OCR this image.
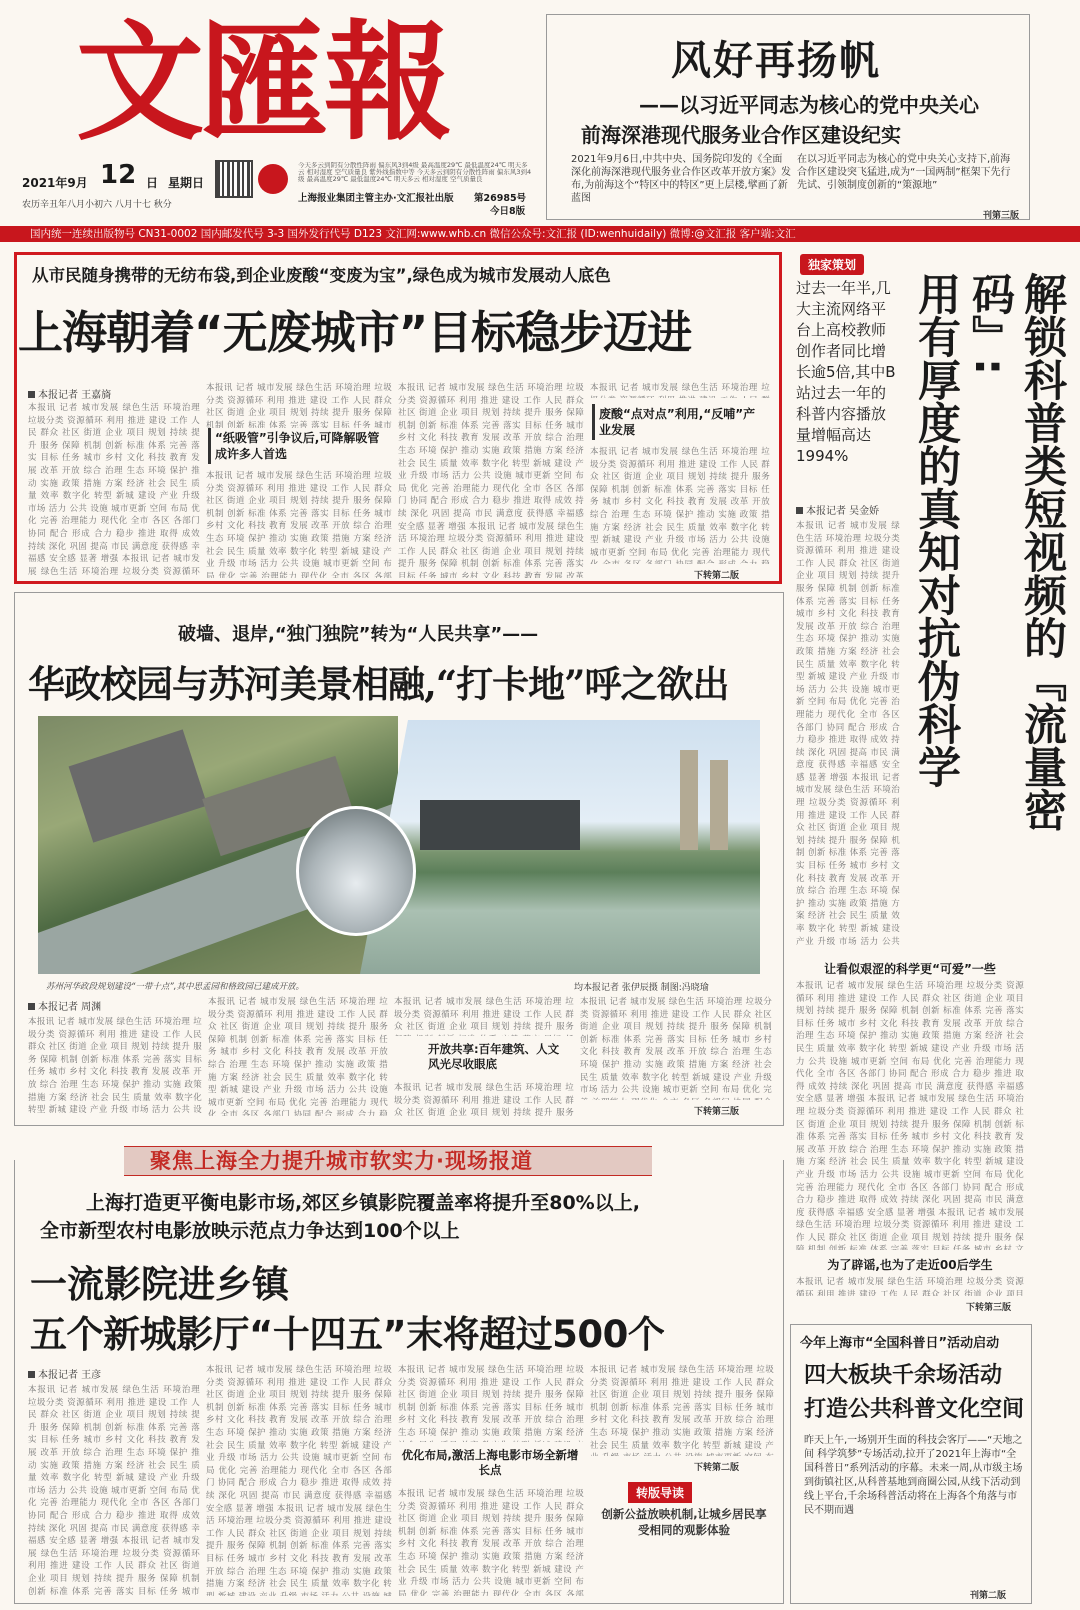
文匯報
2021年9月 12 日 星期日
农历辛丑年八月小初六 八月十七 秋分
今天多云到阴有分散性阵雨 偏东风3到4级 最高温度29℃ 最低温度24℃ 明天多云 相对湿度 空气质量良 紫外线指数中等 今天多云到阴有分散性阵雨 偏东风3到4级 最高温度29℃ 最低温度24℃ 明天多云 相对湿度 空气质量良
上海报业集团主管主办·文汇报社出版 第26985号
今日8版
风好再扬帆
——以习近平同志为核心的党中央关心
前海深港现代服务业合作区建设纪实
2021年9月6日,中共中央、国务院印发的《全面深化前海深港现代服务业合作区改革开放方案》发布,为前海这个“特区中的特区”更上层楼,擘画了新蓝图
在以习近平同志为核心的党中央关心支持下,前海合作区建设突飞猛进,成为“一国两制”框架下先行先试、引领制度创新的“策源地”
刊第三版
国内统一连续出版物号 CN31-0002 国内邮发代号 3-3 国外发行代号 D123 文汇网:www.whb.cn 微信公众号:文汇报 (ID:wenhuidaily) 微博:@文汇报 客户端:文汇
从市民随身携带的无纺布袋,到企业废酸“变废为宝”,绿色成为城市发展动人底色
上海朝着“无废城市”目标稳步迈进
本报记者 王嘉旖
本报讯 记者 城市发展 绿色生活 环境治理 垃圾分类 资源循环 利用 推进 建设 工作 人民 群众 社区 街道 企业 项目 规划 持续 提升 服务 保障 机制 创新 标准 体系 完善 落实 目标 任务 城市 乡村 文化 科技 教育 发展 改革 开放 综合 治理 生态 环境 保护 推动 实施 政策 措施 方案 经济 社会 民生 质量 效率 数字化 转型 新城 建设 产业 升级 市场 活力 公共 设施 城市更新 空间 布局 优化 完善 治理能力 现代化 全市 各区 各部门 协同 配合 形成 合力 稳步 推进 取得 成效 持续 深化 巩固 提高 市民 满意度 获得感 幸福感 安全感 显著 增强 本报讯 记者 城市发展 绿色生活 环境治理 垃圾分类 资源循环 利用 推进 建设 工作 人民 群众 社区 街道 企业 项目 规划 持续 提升 服务 保障 机制 创新 标准 体系 完善 落实 目标 任务 城市 乡村 文化 科技 教育 发展 改革 开放 综合 治理 生态 环境 保护 推动 实施 政策 措施 方案 经济 社会 民生 质量 效率 数字化 转型 新城 建设 产业 升级 市场 活力 公共 设施 城市更新 空间 布局 优化 完善 治理能力 现代化 全市 各区 各部门 协同 配合 形成 合力 稳步 推进 取得 成效 持续 深化 巩固 提高 市民 满意度 获得感 幸福感 安全感 显著 增强 本报讯 记者 城市发展 绿色生活 环境治理 垃圾分类 资源循环 利用 推进 建设 工作 人民 群众 社区 街道 企业 项目 规划 持续 提升 服务 保障 机制 创新 标准 体系 完善 落实 目标 任务 城市 乡村 文化 科技 教育 发展 改革 开放 综合 治理 生态 环境 保护 推动 实施 政策 措施 方案 经济 社会 民生 质量 效率
本报讯 记者 城市发展 绿色生活 环境治理 垃圾分类 资源循环 利用 推进 建设 工作 人民 群众 社区 街道 企业 项目 规划 持续 提升 服务 保障 机制 创新 标准 体系 完善 落实 目标 任务 城市 乡村 文化 科技 教育 发展 改革 开放 综合 治理 生态 环境 保护 推动 实施 政策 措施 方案 经济 社会 民生 质量 效率 数字化 转型 新城 建设 产业 升级 市场 活力 公共 设施 城市更新 空间 布局 优化 完善 治理能力 现代化 全市 各区 各部门 协同 配合 形成 合力 稳步 推进 取得 成效 持续 深化 巩固 提高 市民 满意度 获得感 幸福感 安全感 显著 增强 本报讯 记者 城市发展 绿色生活 环境治理 垃圾分类 资源循环 利用 推进 建设 工作 人民 群众 社区 街道 企业 项目 规划 持续 提升 服务 保障 机制 创新 标准 体系 完善 落实 目标 任务 城市 乡村 文化 科技 教育 发展 改革 开放 综合 治理 生态 环境 保护 推动 实施 政策 措施 方案 经济 社会 民生 质量 效率 数字化 转型 新城 建设 产业 升级 市场 活力 公共 设施 城市更新 空间 布局 优化 完善 治理能力 现代化 全市 各区 各部门 协同 配合 形成 合力 稳步 推进 取得 成效 持续 深化 巩固 提高 市民 满意度 获得感 幸福感 安全感 显著 增强 本报讯 记者 城市发展 绿色生活 环境治理 垃圾分类 资源循环 利用 推进 建设 工作 人民 群众 社区 街道 企业 项目 规划 持续 提升 服务 保障 机制 创新 标准 体系 完善 落实 目标 任务 城市 乡村 文化 科技 教育 发展 改革 开放 综合 治理 生态 环境 保护 推动 实施 政策 措施 方案 经济 社会 民生 质量 效率
“纸吸管”引争议后,可降解吸管成许多人首选
本报讯 记者 城市发展 绿色生活 环境治理 垃圾分类 资源循环 利用 推进 建设 工作 人民 群众 社区 街道 企业 项目 规划 持续 提升 服务 保障 机制 创新 标准 体系 完善 落实 目标 任务 城市 乡村 文化 科技 教育 发展 改革 开放 综合 治理 生态 环境 保护 推动 实施 政策 措施 方案 经济 社会 民生 质量 效率 数字化 转型 新城 建设 产业 升级 市场 活力 公共 设施 城市更新 空间 布局 优化 完善 治理能力 现代化 全市 各区 各部门 协同 配合 形成 合力 稳步 推进 取得 成效 持续 深化 巩固 提高 市民 满意度 获得感 幸福感 安全感 显著 增强 本报讯 记者 城市发展 绿色生活 环境治理 垃圾分类 资源循环 利用 推进 建设 工作 人民 群众 社区 街道 企业 项目 规划 持续 提升 服务 保障 机制 创新 标准 体系 完善 落实 目标 任务 城市 乡村 文化 科技 教育 发展 改革 开放 综合 治理 生态 环境 保护 推动 实施 政策 措施 方案 经济 社会 民生 质量 效率 数字化 转型 新城 建设 产业 升级 市场 活力 公共 设施 城市更新 空间 布局 优化 完善 治理能力 现代化 全市 各区 各部门 协同 配合 形成 合力 稳步 推进 取得 成效 持续 深化 巩固 提高 市民 满意度 获得感 幸福感 安全感 显著 增强 本报讯 记者 城市发展 绿色生活 环境治理 垃圾分类 资源循环 利用 推进 建设 工作 人民 群众 社区 街道 企业 项目 规划 持续 提升 服务 保障 机制 创新 标准 体系 完善 落实 目标 任务 城市 乡村 文化 科技 教育 发展 改革 开放 综合 治理 生态 环境 保护 推动 实施 政策 措施 方案 经济 社会 民生 质量 效率
本报讯 记者 城市发展 绿色生活 环境治理 垃圾分类 资源循环 利用 推进 建设 工作 人民 群众 社区 街道 企业 项目 规划 持续 提升 服务 保障 机制 创新 标准 体系 完善 落实 目标 任务 城市 乡村 文化 科技 教育 发展 改革 开放 综合 治理 生态 环境 保护 推动 实施 政策 措施 方案 经济 社会 民生 质量 效率 数字化 转型 新城 建设 产业 升级 市场 活力 公共 设施 城市更新 空间 布局 优化 完善 治理能力 现代化 全市 各区 各部门 协同 配合 形成 合力 稳步 推进 取得 成效 持续 深化 巩固 提高 市民 满意度 获得感 幸福感 安全感 显著 增强 本报讯 记者 城市发展 绿色生活 环境治理 垃圾分类 资源循环 利用 推进 建设 工作 人民 群众 社区 街道 企业 项目 规划 持续 提升 服务 保障 机制 创新 标准 体系 完善 落实 目标 任务 城市 乡村 文化 科技 教育 发展 改革 开放 综合 治理 生态 环境 保护 推动 实施 政策 措施 方案 经济 社会 民生 质量 效率 数字化 转型 新城 建设 产业 升级 市场 活力 公共 设施 城市更新 空间 布局 优化 完善 治理能力 现代化 全市 各区 各部门 协同 配合 形成 合力 稳步 推进 取得 成效 持续 深化 巩固 提高 市民 满意度 获得感 幸福感 安全感 显著 增强 本报讯 记者 城市发展 绿色生活 环境治理 垃圾分类 资源循环 利用 推进 建设 工作 人民 群众 社区 街道 企业 项目 规划 持续 提升 服务 保障 机制 创新 标准 体系 完善 落实 目标 任务 城市 乡村 文化 科技 教育 发展 改革 开放 综合 治理 生态 环境 保护 推动 实施 政策 措施 方案 经济 社会 民生 质量 效率
本报讯 记者 城市发展 绿色生活 环境治理 垃圾分类 资源循环 利用 推进 建设 工作 人民 群众 社区 街道 企业 项目 规划 持续 提升 服务 保障 机制 创新 标准 体系 完善 落实 目标 任务 城市 乡村 文化 科技 教育 发展 改革 开放 综合 治理 生态 环境 保护 推动 实施 政策 措施 方案 经济 社会 民生 质量 效率 数字化 转型 新城 建设 产业 升级 市场 活力 公共 设施 城市更新 空间 布局 优化 完善 治理能力 现代化 全市 各区 各部门 协同 配合 形成 合力 稳步 推进 取得 成效 持续 深化 巩固 提高 市民 满意度 获得感 幸福感 安全感 显著 增强 本报讯 记者 城市发展 绿色生活 环境治理 垃圾分类 资源循环 利用 推进 建设 工作 人民 群众 社区 街道 企业 项目 规划 持续 提升 服务 保障 机制 创新 标准 体系 完善 落实 目标 任务 城市 乡村 文化 科技 教育 发展 改革 开放 综合 治理 生态 环境 保护 推动 实施 政策 措施 方案 经济 社会 民生 质量 效率 数字化 转型 新城 建设 产业 升级 市场 活力 公共 设施 城市更新 空间 布局 优化 完善 治理能力 现代化 全市 各区 各部门 协同 配合 形成 合力 稳步 推进 取得 成效 持续 深化 巩固 提高 市民 满意度 获得感 幸福感 安全感 显著 增强 本报讯 记者 城市发展 绿色生活 环境治理 垃圾分类 资源循环 利用 推进 建设 工作 人民 群众 社区 街道 企业 项目 规划 持续 提升 服务 保障 机制 创新 标准 体系 完善 落实 目标 任务 城市 乡村 文化 科技 教育 发展 改革 开放 综合 治理 生态 环境 保护 推动 实施 政策 措施 方案 经济 社会 民生 质量 效率
废酸“点对点”利用,“反哺”产业发展
本报讯 记者 城市发展 绿色生活 环境治理 垃圾分类 资源循环 利用 推进 建设 工作 人民 群众 社区 街道 企业 项目 规划 持续 提升 服务 保障 机制 创新 标准 体系 完善 落实 目标 任务 城市 乡村 文化 科技 教育 发展 改革 开放 综合 治理 生态 环境 保护 推动 实施 政策 措施 方案 经济 社会 民生 质量 效率 数字化 转型 新城 建设 产业 升级 市场 活力 公共 设施 城市更新 空间 布局 优化 完善 治理能力 现代化 全市 各区 各部门 协同 配合 形成 合力 稳步 推进 取得 成效 持续 深化 巩固 提高 市民 满意度 获得感 幸福感 安全感 显著 增强 本报讯 记者 城市发展 绿色生活 环境治理 垃圾分类 资源循环 利用 推进 建设 工作 人民 群众 社区 街道 企业 项目 规划 持续 提升 服务 保障 机制 创新 标准 体系 完善 落实 目标 任务 城市 乡村 文化 科技 教育 发展 改革 开放 综合 治理 生态 环境 保护 推动 实施 政策 措施 方案 经济 社会 民生 质量 效率 数字化 转型 新城 建设 产业 升级 市场 活力 公共 设施 城市更新 空间 布局 优化 完善 治理能力 现代化 全市 各区 各部门 协同 配合 形成 合力 稳步 推进 取得 成效 持续 深化 巩固 提高 市民 满意度 获得感 幸福感 安全感 显著 增强 本报讯 记者 城市发展 绿色生活 环境治理 垃圾分类 资源循环 利用 推进 建设 工作 人民 群众 社区 街道 企业 项目 规划 持续 提升 服务 保障 机制 创新 标准 体系 完善 落实 目标 任务 城市 乡村 文化 科技 教育 发展 改革 开放 综合 治理 生态 环境 保护 推动 实施 政策 措施 方案 经济 社会 民生 质量 效率
下转第二版
独家策划
解锁科普类短视频的『流量密码』:
用有厚度的真知对抗伪科学
过去一年半,几大主流网络平台上高校教师创作者同比增长逾5倍,其中B站过去一年的科普内容播放量增幅高达1994%
本报记者 吴金娇
本报讯 记者 城市发展 绿色生活 环境治理 垃圾分类 资源循环 利用 推进 建设 工作 人民 群众 社区 街道 企业 项目 规划 持续 提升 服务 保障 机制 创新 标准 体系 完善 落实 目标 任务 城市 乡村 文化 科技 教育 发展 改革 开放 综合 治理 生态 环境 保护 推动 实施 政策 措施 方案 经济 社会 民生 质量 效率 数字化 转型 新城 建设 产业 升级 市场 活力 公共 设施 城市更新 空间 布局 优化 完善 治理能力 现代化 全市 各区 各部门 协同 配合 形成 合力 稳步 推进 取得 成效 持续 深化 巩固 提高 市民 满意度 获得感 幸福感 安全感 显著 增强 本报讯 记者 城市发展 绿色生活 环境治理 垃圾分类 资源循环 利用 推进 建设 工作 人民 群众 社区 街道 企业 项目 规划 持续 提升 服务 保障 机制 创新 标准 体系 完善 落实 目标 任务 城市 乡村 文化 科技 教育 发展 改革 开放 综合 治理 生态 环境 保护 推动 实施 政策 措施 方案 经济 社会 民生 质量 效率 数字化 转型 新城 建设 产业 升级 市场 活力 公共 设施 城市更新 空间 布局 优化 完善 治理能力 现代化 全市 各区 各部门 协同 配合 形成 合力 稳步 推进 取得 成效 持续 深化 巩固 提高 市民 满意度 获得感 幸福感 安全感 显著 增强 本报讯 记者 城市发展 绿色生活 环境治理 垃圾分类 资源循环 利用 推进 建设 工作 人民 群众 社区 街道 企业 项目 规划 持续 提升 服务 保障 机制 创新 标准 体系 完善 落实 目标 任务 城市 乡村 文化 科技 教育 发展 改革 开放 综合 治理 生态 环境 保护 推动 实施 政策 措施 方案 经济 社会 民生 质量 效率
让看似艰涩的科学更“可爱”一些
本报讯 记者 城市发展 绿色生活 环境治理 垃圾分类 资源循环 利用 推进 建设 工作 人民 群众 社区 街道 企业 项目 规划 持续 提升 服务 保障 机制 创新 标准 体系 完善 落实 目标 任务 城市 乡村 文化 科技 教育 发展 改革 开放 综合 治理 生态 环境 保护 推动 实施 政策 措施 方案 经济 社会 民生 质量 效率 数字化 转型 新城 建设 产业 升级 市场 活力 公共 设施 城市更新 空间 布局 优化 完善 治理能力 现代化 全市 各区 各部门 协同 配合 形成 合力 稳步 推进 取得 成效 持续 深化 巩固 提高 市民 满意度 获得感 幸福感 安全感 显著 增强 本报讯 记者 城市发展 绿色生活 环境治理 垃圾分类 资源循环 利用 推进 建设 工作 人民 群众 社区 街道 企业 项目 规划 持续 提升 服务 保障 机制 创新 标准 体系 完善 落实 目标 任务 城市 乡村 文化 科技 教育 发展 改革 开放 综合 治理 生态 环境 保护 推动 实施 政策 措施 方案 经济 社会 民生 质量 效率 数字化 转型 新城 建设 产业 升级 市场 活力 公共 设施 城市更新 空间 布局 优化 完善 治理能力 现代化 全市 各区 各部门 协同 配合 形成 合力 稳步 推进 取得 成效 持续 深化 巩固 提高 市民 满意度 获得感 幸福感 安全感 显著 增强 本报讯 记者 城市发展 绿色生活 环境治理 垃圾分类 资源循环 利用 推进 建设 工作 人民 群众 社区 街道 企业 项目 规划 持续 提升 服务 保障 机制 创新 标准 体系 完善 落实 目标 任务 城市 乡村 文化 科技 教育 发展 改革 开放 综合 治理 生态 环境 保护 推动 实施 政策 措施 方案 经济 社会 民生 质量 效率
为了辟谣,也为了走近00后学生
本报讯 记者 城市发展 绿色生活 环境治理 垃圾分类 资源循环 利用 推进 建设 工作 人民 群众 社区 街道 企业 项目 规划 持续 提升 服务 保障 机制 创新 标准 体系 完善 落实 目标 任务 城市 乡村 文化 科技 教育 发展 改革 开放 综合 治理 生态 环境 保护 推动 实施 政策 措施 方案 经济 社会 民生 质量 效率 数字化 转型 新城 建设 产业 升级 市场 活力 公共 设施 城市更新 空间 布局 优化 完善 治理能力 现代化 全市 各区 各部门 协同 配合 形成 合力 稳步 推进 取得 成效 持续 深化 巩固 提高 市民 满意度 获得感 幸福感 安全感 显著 增强 本报讯 记者 城市发展 绿色生活 环境治理 垃圾分类 资源循环 利用 推进 建设 工作 人民 群众 社区 街道 企业 项目 规划 持续 提升 服务 保障 机制 创新 标准 体系 完善 落实 目标 任务 城市 乡村 文化 科技 教育 发展 改革 开放 综合 治理 生态 环境 保护 推动 实施 政策 措施 方案 经济 社会 民生 质量 效率 数字化 转型 新城 建设 产业 升级 市场 活力 公共 设施 城市更新 空间 布局 优化 完善 治理能力 现代化 全市 各区 各部门 协同 配合 形成 合力 稳步 推进 取得 成效 持续 深化 巩固 提高 市民 满意度 获得感 幸福感 安全感 显著 增强 本报讯 记者 城市发展 绿色生活 环境治理 垃圾分类 资源循环 利用 推进 建设 工作 人民 群众 社区 街道 企业 项目 规划 持续 提升 服务 保障 机制 创新 标准 体系 完善 落实 目标 任务 城市 乡村 文化 科技 教育 发展 改革 开放 综合 治理 生态 环境 保护 推动 实施 政策 措施 方案 经济 社会 民生 质量 效率
下转第三版
破墙、退岸,“独门独院”转为“人民共享”——
华政校园与苏河美景相融,“打卡地”呼之欲出
苏州河华政段规划建设“一带十点”,其中思孟园和格致园已建成开放。	均本报记者 张伊辰摄 制图:冯晓瑜
本报记者 周渊
本报讯 记者 城市发展 绿色生活 环境治理 垃圾分类 资源循环 利用 推进 建设 工作 人民 群众 社区 街道 企业 项目 规划 持续 提升 服务 保障 机制 创新 标准 体系 完善 落实 目标 任务 城市 乡村 文化 科技 教育 发展 改革 开放 综合 治理 生态 环境 保护 推动 实施 政策 措施 方案 经济 社会 民生 质量 效率 数字化 转型 新城 建设 产业 升级 市场 活力 公共 设施 城市更新 空间 布局 优化 完善 治理能力 现代化 全市 各区 各部门 协同 配合 形成 合力 稳步 推进 取得 成效 持续 深化 巩固 提高 市民 满意度 获得感 幸福感 安全感 显著 增强 本报讯 记者 城市发展 绿色生活 环境治理 垃圾分类 资源循环 利用 推进 建设 工作 人民 群众 社区 街道 企业 项目 规划 持续 提升 服务 保障 机制 创新 标准 体系 完善 落实 目标 任务 城市 乡村 文化 科技 教育 发展 改革 开放 综合 治理 生态 环境 保护 推动 实施 政策 措施 方案 经济 社会 民生 质量 效率 数字化 转型 新城 建设 产业 升级 市场 活力 公共 设施 城市更新 空间 布局 优化 完善 治理能力 现代化 全市 各区 各部门 协同 配合 形成 合力 稳步 推进 取得 成效 持续 深化 巩固 提高 市民 满意度 获得感 幸福感 安全感 显著 增强 本报讯 记者 城市发展 绿色生活 环境治理 垃圾分类 资源循环 利用 推进 建设 工作 人民 群众 社区 街道 企业 项目 规划 持续 提升 服务 保障 机制 创新 标准 体系 完善 落实 目标 任务 城市 乡村 文化 科技 教育 发展 改革 开放 综合 治理 生态 环境 保护 推动 实施 政策 措施 方案 经济 社会 民生 质量 效率
本报讯 记者 城市发展 绿色生活 环境治理 垃圾分类 资源循环 利用 推进 建设 工作 人民 群众 社区 街道 企业 项目 规划 持续 提升 服务 保障 机制 创新 标准 体系 完善 落实 目标 任务 城市 乡村 文化 科技 教育 发展 改革 开放 综合 治理 生态 环境 保护 推动 实施 政策 措施 方案 经济 社会 民生 质量 效率 数字化 转型 新城 建设 产业 升级 市场 活力 公共 设施 城市更新 空间 布局 优化 完善 治理能力 现代化 全市 各区 各部门 协同 配合 形成 合力 稳步 推进 取得 成效 持续 深化 巩固 提高 市民 满意度 获得感 幸福感 安全感 显著 增强 本报讯 记者 城市发展 绿色生活 环境治理 垃圾分类 资源循环 利用 推进 建设 工作 人民 群众 社区 街道 企业 项目 规划 持续 提升 服务 保障 机制 创新 标准 体系 完善 落实 目标 任务 城市 乡村 文化 科技 教育 发展 改革 开放 综合 治理 生态 环境 保护 推动 实施 政策 措施 方案 经济 社会 民生 质量 效率 数字化 转型 新城 建设 产业 升级 市场 活力 公共 设施 城市更新 空间 布局 优化 完善 治理能力 现代化 全市 各区 各部门 协同 配合 形成 合力 稳步 推进 取得 成效 持续 深化 巩固 提高 市民 满意度 获得感 幸福感 安全感 显著 增强 本报讯 记者 城市发展 绿色生活 环境治理 垃圾分类 资源循环 利用 推进 建设 工作 人民 群众 社区 街道 企业 项目 规划 持续 提升 服务 保障 机制 创新 标准 体系 完善 落实 目标 任务 城市 乡村 文化 科技 教育 发展 改革 开放 综合 治理 生态 环境 保护 推动 实施 政策 措施 方案 经济 社会 民生 质量 效率
本报讯 记者 城市发展 绿色生活 环境治理 垃圾分类 资源循环 利用 推进 建设 工作 人民 群众 社区 街道 企业 项目 规划 持续 提升 服务 保障 机制 创新 标准 体系 完善 落实 目标 任务 城市 乡村 文化 科技 教育 发展 改革 开放 综合 治理 生态 环境 保护 推动 实施 政策 措施 方案 经济 社会 民生 质量 效率 数字化 转型 新城 建设 产业 升级 市场 活力 公共 设施 城市更新 空间 布局 优化 完善 治理能力 现代化 全市 各区 各部门 协同 配合 形成 合力 稳步 推进 取得 成效 持续 深化 巩固 提高 市民 满意度 获得感 幸福感 安全感 显著 增强 本报讯 记者 城市发展 绿色生活 环境治理 垃圾分类 资源循环 利用 推进 建设 工作 人民 群众 社区 街道 企业 项目 规划 持续 提升 服务 保障 机制 创新 标准 体系 完善 落实 目标 任务 城市 乡村 文化 科技 教育 发展 改革 开放 综合 治理 生态 环境 保护 推动 实施 政策 措施 方案 经济 社会 民生 质量 效率 数字化 转型 新城 建设 产业 升级 市场 活力 公共 设施 城市更新 空间 布局 优化 完善 治理能力 现代化 全市 各区 各部门 协同 配合 形成 合力 稳步 推进 取得 成效 持续 深化 巩固 提高 市民 满意度 获得感 幸福感 安全感 显著 增强 本报讯 记者 城市发展 绿色生活 环境治理 垃圾分类 资源循环 利用 推进 建设 工作 人民 群众 社区 街道 企业 项目 规划 持续 提升 服务 保障 机制 创新 标准 体系 完善 落实 目标 任务 城市 乡村 文化 科技 教育 发展 改革 开放 综合 治理 生态 环境 保护 推动 实施 政策 措施 方案 经济 社会 民生 质量 效率
开放共享:百年建筑、人文风光尽收眼底
本报讯 记者 城市发展 绿色生活 环境治理 垃圾分类 资源循环 利用 推进 建设 工作 人民 群众 社区 街道 企业 项目 规划 持续 提升 服务 保障 机制 创新 标准 体系 完善 落实 目标 任务 城市 乡村 文化 科技 教育 发展 改革 开放 综合 治理 生态 环境 保护 推动 实施 政策 措施 方案 经济 社会 民生 质量 效率 数字化 转型 新城 建设 产业 升级 市场 活力 公共 设施 城市更新 空间 布局 优化 完善 治理能力 现代化 全市 各区 各部门 协同 配合 形成 合力 稳步 推进 取得 成效 持续 深化 巩固 提高 市民 满意度 获得感 幸福感 安全感 显著 增强 本报讯 记者 城市发展 绿色生活 环境治理 垃圾分类 资源循环 利用 推进 建设 工作 人民 群众 社区 街道 企业 项目 规划 持续 提升 服务 保障 机制 创新 标准 体系 完善 落实 目标 任务 城市 乡村 文化 科技 教育 发展 改革 开放 综合 治理 生态 环境 保护 推动 实施 政策 措施 方案 经济 社会 民生 质量 效率 数字化 转型 新城 建设 产业 升级 市场 活力 公共 设施 城市更新 空间 布局 优化 完善 治理能力 现代化 全市 各区 各部门 协同 配合 形成 合力 稳步 推进 取得 成效 持续 深化 巩固 提高 市民 满意度 获得感 幸福感 安全感 显著 增强 本报讯 记者 城市发展 绿色生活 环境治理 垃圾分类 资源循环 利用 推进 建设 工作 人民 群众 社区 街道 企业 项目 规划 持续 提升 服务 保障 机制 创新 标准 体系 完善 落实 目标 任务 城市 乡村 文化 科技 教育 发展 改革 开放 综合 治理 生态 环境 保护 推动 实施 政策 措施 方案 经济 社会 民生 质量 效率
本报讯 记者 城市发展 绿色生活 环境治理 垃圾分类 资源循环 利用 推进 建设 工作 人民 群众 社区 街道 企业 项目 规划 持续 提升 服务 保障 机制 创新 标准 体系 完善 落实 目标 任务 城市 乡村 文化 科技 教育 发展 改革 开放 综合 治理 生态 环境 保护 推动 实施 政策 措施 方案 经济 社会 民生 质量 效率 数字化 转型 新城 建设 产业 升级 市场 活力 公共 设施 城市更新 空间 布局 优化 完善 治理能力 现代化 全市 各区 各部门 协同 配合 形成 合力 稳步 推进 取得 成效 持续 深化 巩固 提高 市民 满意度 获得感 幸福感 安全感 显著 增强 本报讯 记者 城市发展 绿色生活 环境治理 垃圾分类 资源循环 利用 推进 建设 工作 人民 群众 社区 街道 企业 项目 规划 持续 提升 服务 保障 机制 创新 标准 体系 完善 落实 目标 任务 城市 乡村 文化 科技 教育 发展 改革 开放 综合 治理 生态 环境 保护 推动 实施 政策 措施 方案 经济 社会 民生 质量 效率 数字化 转型 新城 建设 产业 升级 市场 活力 公共 设施 城市更新 空间 布局 优化 完善 治理能力 现代化 全市 各区 各部门 协同 配合 形成 合力 稳步 推进 取得 成效 持续 深化 巩固 提高 市民 满意度 获得感 幸福感 安全感 显著 增强 本报讯 记者 城市发展 绿色生活 环境治理 垃圾分类 资源循环 利用 推进 建设 工作 人民 群众 社区 街道 企业 项目 规划 持续 提升 服务 保障 机制 创新 标准 体系 完善 落实 目标 任务 城市 乡村 文化 科技 教育 发展 改革 开放 综合 治理 生态 环境 保护 推动 实施 政策 措施 方案 经济 社会 民生 质量 效率
下转第三版
聚焦上海全力提升城市软实力·现场报道
上海打造更平衡电影市场,郊区乡镇影院覆盖率将提升至80%以上,
全市新型农村电影放映示范点力争达到100个以上
一流影院进乡镇
五个新城影厅“十四五”末将超过500个
本报记者 王彦
本报讯 记者 城市发展 绿色生活 环境治理 垃圾分类 资源循环 利用 推进 建设 工作 人民 群众 社区 街道 企业 项目 规划 持续 提升 服务 保障 机制 创新 标准 体系 完善 落实 目标 任务 城市 乡村 文化 科技 教育 发展 改革 开放 综合 治理 生态 环境 保护 推动 实施 政策 措施 方案 经济 社会 民生 质量 效率 数字化 转型 新城 建设 产业 升级 市场 活力 公共 设施 城市更新 空间 布局 优化 完善 治理能力 现代化 全市 各区 各部门 协同 配合 形成 合力 稳步 推进 取得 成效 持续 深化 巩固 提高 市民 满意度 获得感 幸福感 安全感 显著 增强 本报讯 记者 城市发展 绿色生活 环境治理 垃圾分类 资源循环 利用 推进 建设 工作 人民 群众 社区 街道 企业 项目 规划 持续 提升 服务 保障 机制 创新 标准 体系 完善 落实 目标 任务 城市 乡村 文化 科技 教育 发展 改革 开放 综合 治理 生态 环境 保护 推动 实施 政策 措施 方案 经济 社会 民生 质量 效率 数字化 转型 新城 建设 产业 升级 市场 活力 公共 设施 城市更新 空间 布局 优化 完善 治理能力 现代化 全市 各区 各部门 协同 配合 形成 合力 稳步 推进 取得 成效 持续 深化 巩固 提高 市民 满意度 获得感 幸福感 安全感 显著 增强 本报讯 记者 城市发展 绿色生活 环境治理 垃圾分类 资源循环 利用 推进 建设 工作 人民 群众 社区 街道 企业 项目 规划 持续 提升 服务 保障 机制 创新 标准 体系 完善 落实 目标 任务 城市 乡村 文化 科技 教育 发展 改革 开放 综合 治理 生态 环境 保护 推动 实施 政策 措施 方案 经济 社会 民生 质量 效率
本报讯 记者 城市发展 绿色生活 环境治理 垃圾分类 资源循环 利用 推进 建设 工作 人民 群众 社区 街道 企业 项目 规划 持续 提升 服务 保障 机制 创新 标准 体系 完善 落实 目标 任务 城市 乡村 文化 科技 教育 发展 改革 开放 综合 治理 生态 环境 保护 推动 实施 政策 措施 方案 经济 社会 民生 质量 效率 数字化 转型 新城 建设 产业 升级 市场 活力 公共 设施 城市更新 空间 布局 优化 完善 治理能力 现代化 全市 各区 各部门 协同 配合 形成 合力 稳步 推进 取得 成效 持续 深化 巩固 提高 市民 满意度 获得感 幸福感 安全感 显著 增强 本报讯 记者 城市发展 绿色生活 环境治理 垃圾分类 资源循环 利用 推进 建设 工作 人民 群众 社区 街道 企业 项目 规划 持续 提升 服务 保障 机制 创新 标准 体系 完善 落实 目标 任务 城市 乡村 文化 科技 教育 发展 改革 开放 综合 治理 生态 环境 保护 推动 实施 政策 措施 方案 经济 社会 民生 质量 效率 数字化 转型 新城 建设 产业 升级 市场 活力 公共 设施 城市更新 空间 布局 优化 完善 治理能力 现代化 全市 各区 各部门 协同 配合 形成 合力 稳步 推进 取得 成效 持续 深化 巩固 提高 市民 满意度 获得感 幸福感 安全感 显著 增强 本报讯 记者 城市发展 绿色生活 环境治理 垃圾分类 资源循环 利用 推进 建设 工作 人民 群众 社区 街道 企业 项目 规划 持续 提升 服务 保障 机制 创新 标准 体系 完善 落实 目标 任务 城市 乡村 文化 科技 教育 发展 改革 开放 综合 治理 生态 环境 保护 推动 实施 政策 措施 方案 经济 社会 民生 质量 效率
本报讯 记者 城市发展 绿色生活 环境治理 垃圾分类 资源循环 利用 推进 建设 工作 人民 群众 社区 街道 企业 项目 规划 持续 提升 服务 保障 机制 创新 标准 体系 完善 落实 目标 任务 城市 乡村 文化 科技 教育 发展 改革 开放 综合 治理 生态 环境 保护 推动 实施 政策 措施 方案 经济 社会 民生 质量 效率 数字化 转型 新城 建设 产业 升级 市场 活力 公共 设施 城市更新 空间 布局 优化 完善 治理能力 现代化 全市 各区 各部门 协同 配合 形成 合力 稳步 推进 取得 成效 持续 深化 巩固 提高 市民 满意度 获得感 幸福感 安全感 显著 增强 本报讯 记者 城市发展 绿色生活 环境治理 垃圾分类 资源循环 利用 推进 建设 工作 人民 群众 社区 街道 企业 项目 规划 持续 提升 服务 保障 机制 创新 标准 体系 完善 落实 目标 任务 城市 乡村 文化 科技 教育 发展 改革 开放 综合 治理 生态 环境 保护 推动 实施 政策 措施 方案 经济 社会 民生 质量 效率 数字化 转型 新城 建设 产业 升级 市场 活力 公共 设施 城市更新 空间 布局 优化 完善 治理能力 现代化 全市 各区 各部门 协同 配合 形成 合力 稳步 推进 取得 成效 持续 深化 巩固 提高 市民 满意度 获得感 幸福感 安全感 显著 增强 本报讯 记者 城市发展 绿色生活 环境治理 垃圾分类 资源循环 利用 推进 建设 工作 人民 群众 社区 街道 企业 项目 规划 持续 提升 服务 保障 机制 创新 标准 体系 完善 落实 目标 任务 城市 乡村 文化 科技 教育 发展 改革 开放 综合 治理 生态 环境 保护 推动 实施 政策 措施 方案 经济 社会 民生 质量 效率
优化布局,激活上海电影市场全新增长点
本报讯 记者 城市发展 绿色生活 环境治理 垃圾分类 资源循环 利用 推进 建设 工作 人民 群众 社区 街道 企业 项目 规划 持续 提升 服务 保障 机制 创新 标准 体系 完善 落实 目标 任务 城市 乡村 文化 科技 教育 发展 改革 开放 综合 治理 生态 环境 保护 推动 实施 政策 措施 方案 经济 社会 民生 质量 效率 数字化 转型 新城 建设 产业 升级 市场 活力 公共 设施 城市更新 空间 布局 优化 完善 治理能力 现代化 全市 各区 各部门 协同 配合 形成 合力 稳步 推进 取得 成效 持续 深化 巩固 提高 市民 满意度 获得感 幸福感 安全感 显著 增强 本报讯 记者 城市发展 绿色生活 环境治理 垃圾分类 资源循环 利用 推进 建设 工作 人民 群众 社区 街道 企业 项目 规划 持续 提升 服务 保障 机制 创新 标准 体系 完善 落实 目标 任务 城市 乡村 文化 科技 教育 发展 改革 开放 综合 治理 生态 环境 保护 推动 实施 政策 措施 方案 经济 社会 民生 质量 效率 数字化 转型 新城 建设 产业 升级 市场 活力 公共 设施 城市更新 空间 布局 优化 完善 治理能力 现代化 全市 各区 各部门 协同 配合 形成 合力 稳步 推进 取得 成效 持续 深化 巩固 提高 市民 满意度 获得感 幸福感 安全感 显著 增强 本报讯 记者 城市发展 绿色生活 环境治理 垃圾分类 资源循环 利用 推进 建设 工作 人民 群众 社区 街道 企业 项目 规划 持续 提升 服务 保障 机制 创新 标准 体系 完善 落实 目标 任务 城市 乡村 文化 科技 教育 发展 改革 开放 综合 治理 生态 环境 保护 推动 实施 政策 措施 方案 经济 社会 民生 质量 效率
本报讯 记者 城市发展 绿色生活 环境治理 垃圾分类 资源循环 利用 推进 建设 工作 人民 群众 社区 街道 企业 项目 规划 持续 提升 服务 保障 机制 创新 标准 体系 完善 落实 目标 任务 城市 乡村 文化 科技 教育 发展 改革 开放 综合 治理 生态 环境 保护 推动 实施 政策 措施 方案 经济 社会 民生 质量 效率 数字化 转型 新城 建设 产业 升级 市场 活力 公共 设施 城市更新 空间 布局 优化 完善 治理能力 现代化 全市 各区 各部门 协同 配合 形成 合力 稳步 推进 取得 成效 持续 深化 巩固 提高 市民 满意度 获得感 幸福感 安全感 显著 增强 本报讯 记者 城市发展 绿色生活 环境治理 垃圾分类 资源循环 利用 推进 建设 工作 人民 群众 社区 街道 企业 项目 规划 持续 提升 服务 保障 机制 创新 标准 体系 完善 落实 目标 任务 城市 乡村 文化 科技 教育 发展 改革 开放 综合 治理 生态 环境 保护 推动 实施 政策 措施 方案 经济 社会 民生 质量 效率 数字化 转型 新城 建设 产业 升级 市场 活力 公共 设施 城市更新 空间 布局 优化 完善 治理能力 现代化 全市 各区 各部门 协同 配合 形成 合力 稳步 推进 取得 成效 持续 深化 巩固 提高 市民 满意度 获得感 幸福感 安全感 显著 增强 本报讯 记者 城市发展 绿色生活 环境治理 垃圾分类 资源循环 利用 推进 建设 工作 人民 群众 社区 街道 企业 项目 规划 持续 提升 服务 保障 机制 创新 标准 体系 完善 落实 目标 任务 城市 乡村 文化 科技 教育 发展 改革 开放 综合 治理 生态 环境 保护 推动 实施 政策 措施 方案 经济 社会 民生 质量 效率	下转第二版
转版导读
创新公益放映机制,让城乡居民享受相同的观影体验
今年上海市“全国科普日”活动启动
四大板块千余场活动
打造公共科普文化空间
昨天上午,一场别开生面的科技会客厅——“天地之间 科学筑梦”专场活动,拉开了2021年上海市“全国科普日”系列活动的序幕。未来一周,从市级主场到街镇社区,从科普基地到商圈公园,从线下活动到线上平台,千余场科普活动将在上海各个角落与市民不期而遇
刊第二版
